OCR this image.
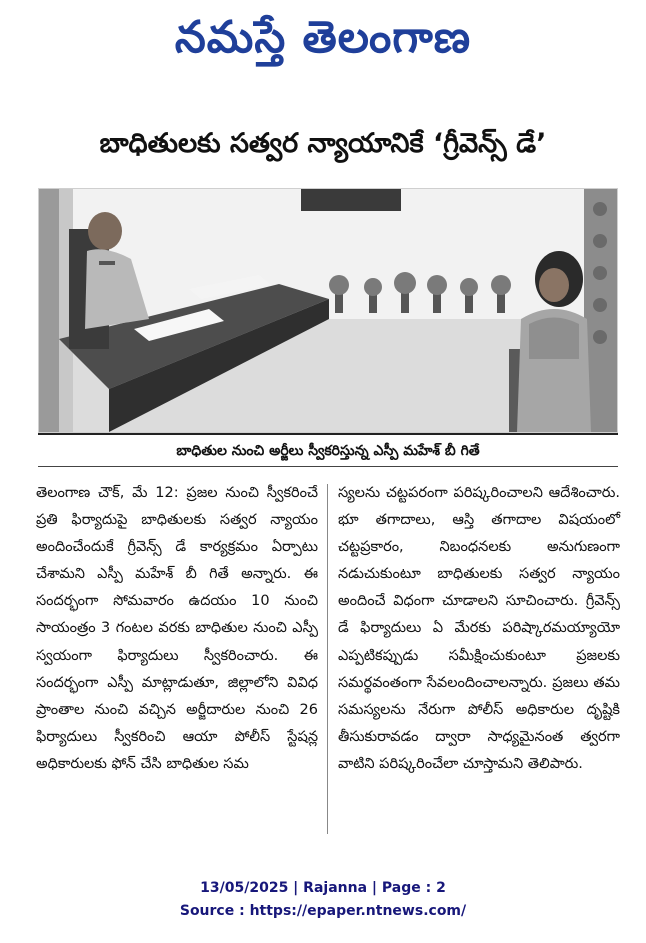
నమస్తే తెలంగాణ
బాధితులకు సత్వర న్యాయానికే ‘గ్రీవెన్స్ డే’
బాధితుల నుంచి అర్జీలు స్వీకరిస్తున్న ఎస్పీ మహేశ్ బీ గితే
తెలంగాణ చౌక్, మే 12: ప్రజల నుంచి స్వీకరించే ప్రతి ఫిర్యాదుపై బాధితులకు సత్వర న్యాయం అందించేందుకే గ్రీవెన్స్ డే కార్యక్రమం ఏర్పాటు చేశామని ఎస్పీ మహేశ్ బీ గితే అన్నారు. ఈ సందర్భంగా సోమవారం ఉదయం 10 నుంచి సాయంత్రం 3 గంటల వరకు బాధితుల నుంచి ఎస్పీ స్వయంగా ఫిర్యాదులు స్వీకరించారు. ఈ సందర్భంగా ఎస్పీ మాట్లాడుతూ, జిల్లాలోని వివిధ ప్రాంతాల నుంచి వచ్చిన అర్జీదారుల నుంచి 26 ఫిర్యాదులు స్వీకరించి ఆయా పోలీస్ స్టేషన్ల అధికారులకు ఫోన్ చేసి బాధితుల సమ
స్యలను చట్టపరంగా పరిష్కరించాలని ఆదేశించారు. భూ తగాదాలు, ఆస్తి తగాదాల విషయంలో చట్టప్రకారం, నిబంధనలకు అనుగుణంగా నడుచుకుంటూ బాధితులకు సత్వర న్యాయం అందించే విధంగా చూడాలని సూచించారు. గ్రీవెన్స్ డే ఫిర్యాదులు ఏ మేరకు పరిష్కారమయ్యాయో ఎప్పటికప్పుడు సమీక్షించుకుంటూ ప్రజలకు సమర్థవంతంగా సేవలందించాలన్నారు. ప్రజలు తమ సమస్యలను నేరుగా పోలీస్ అధికారుల దృష్టికి తీసుకురావడం ద్వారా సాధ్యమైనంత త్వరగా వాటిని పరిష్కరించేలా చూస్తామని తెలిపారు.
13/05/2025 | Rajanna | Page : 2
Source : https://epaper.ntnews.com/
